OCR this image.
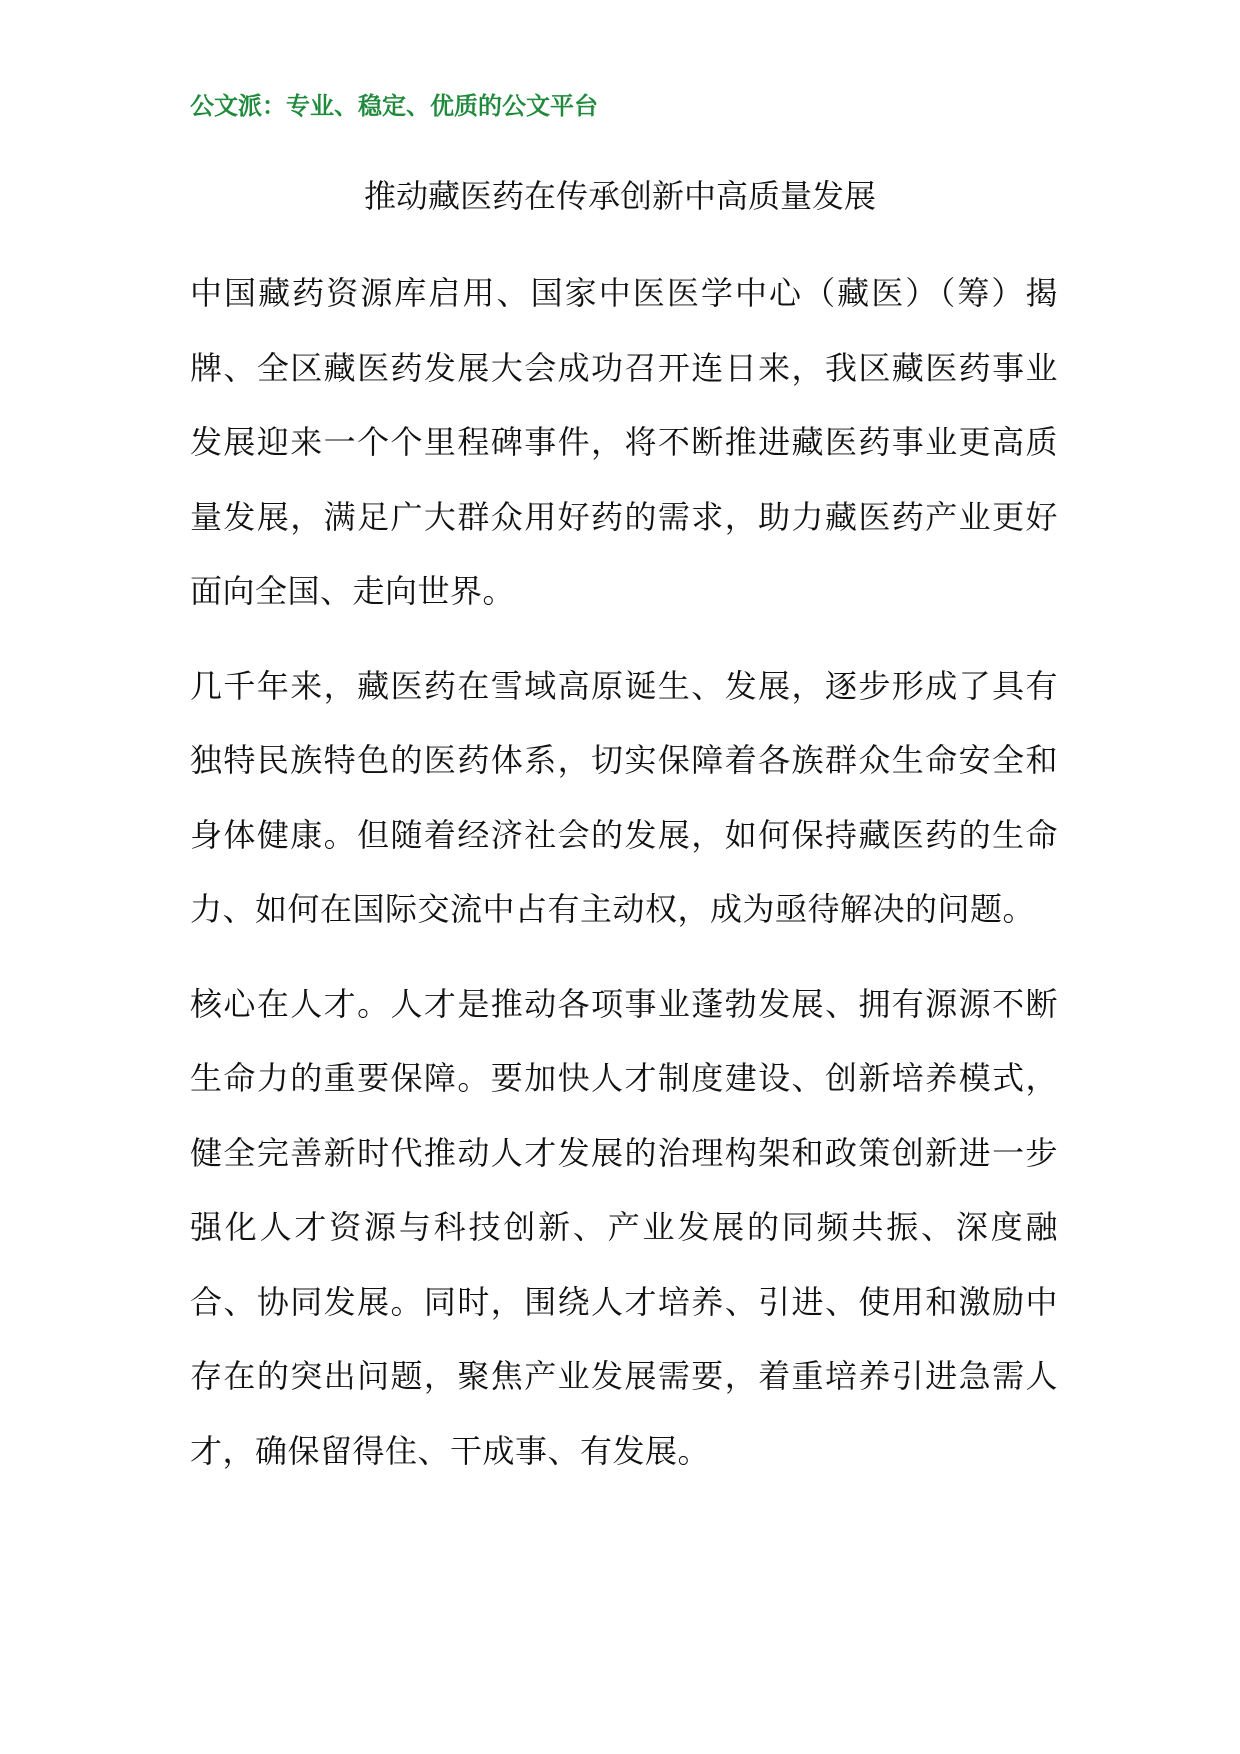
公文派：专业、稳定、优质的公文平台
推动藏医药在传承创新中高质量发展

中国藏药资源库启用、国家中医医学中心（藏医）（筹）揭牌、全区藏医药发展大会成功召开连日来，我区藏医药事业发展迎来一个个里程碑事件，将不断推进藏医药事业更高质量发展，满足广大群众用好药的需求，助力藏医药产业更好面向全国、走向世界。

几千年来，藏医药在雪域高原诞生、发展，逐步形成了具有独特民族特色的医药体系，切实保障着各族群众生命安全和身体健康。但随着经济社会的发展，如何保持藏医药的生命力、如何在国际交流中占有主动权，成为亟待解决的问题。

核心在人才。人才是推动各项事业蓬勃发展、拥有源源不断生命力的重要保障。要加快人才制度建设、创新培养模式，健全完善新时代推动人才发展的治理构架和政策创新进一步强化人才资源与科技创新、产业发展的同频共振、深度融合、协同发展。同时，围绕人才培养、引进、使用和激励中存在的突出问题，聚焦产业发展需要，着重培养引进急需人才，确保留得住、干成事、有发展。
